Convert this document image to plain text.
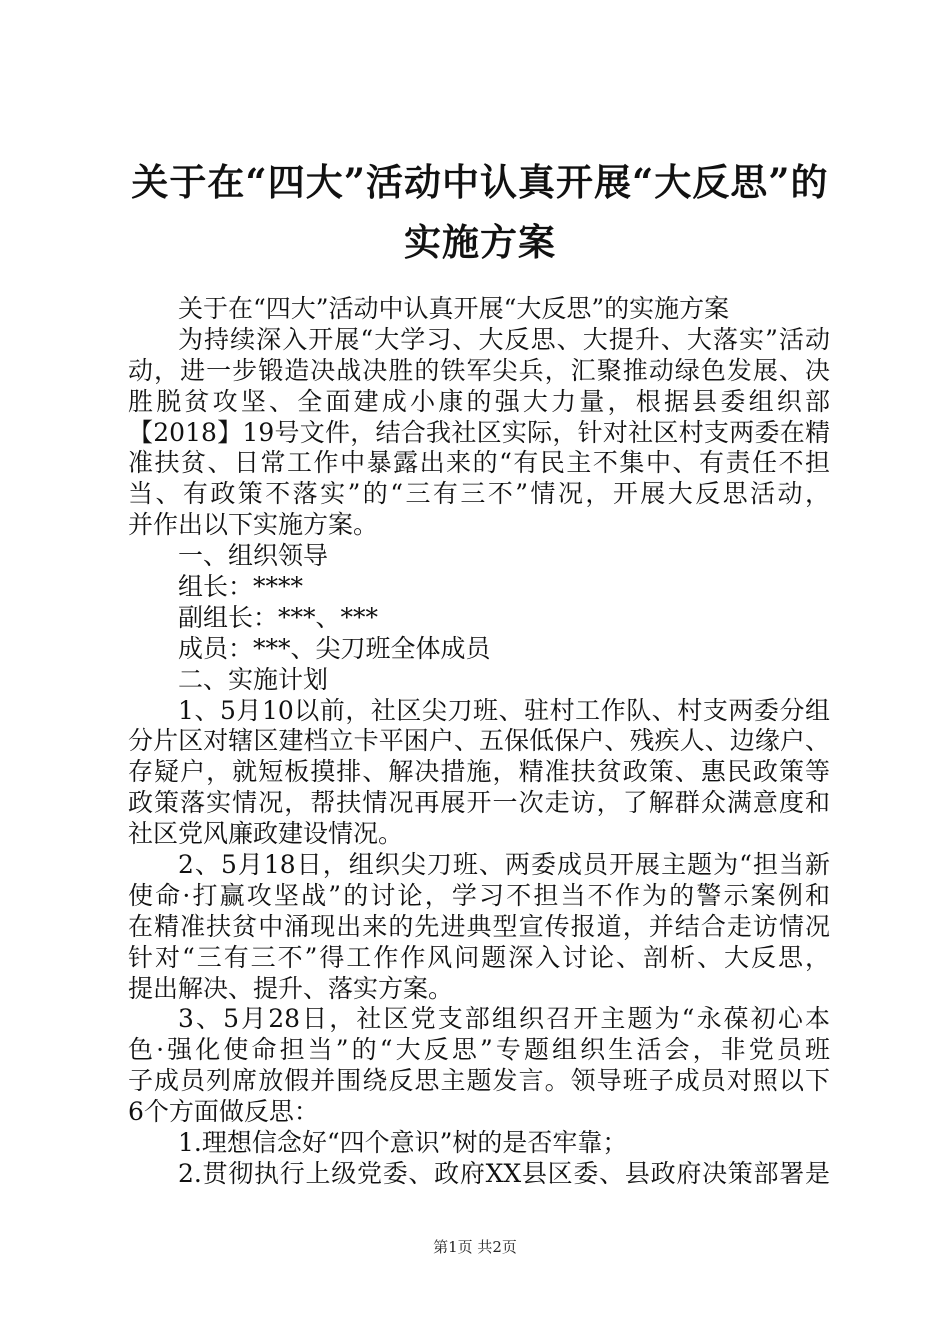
关于在“四大”活动中认真开展“大反思”的
实施方案
关于在“四大”活动中认真开展“大反思”的实施方案
为持续深入开展“大学习、大反思、大提升、大落实”活动
动，进一步锻造决战决胜的铁军尖兵，汇聚推动绿色发展、决
胜脱贫攻坚、全面建成小康的强大力量，根据县委组织部
【2018】19号文件，结合我社区实际，针对社区村支两委在精
准扶贫、日常工作中暴露出来的“有民主不集中、有责任不担
当、有政策不落实”的“三有三不”情况，开展大反思活动，
并作出以下实施方案。
一、组织领导
组长：****
副组长：***、***
成员：***、尖刀班全体成员
二、实施计划
1、5月10以前，社区尖刀班、驻村工作队、村支两委分组
分片区对辖区建档立卡平困户、五保低保户、残疾人、边缘户、
存疑户，就短板摸排、解决措施，精准扶贫政策、惠民政策等
政策落实情况，帮扶情况再展开一次走访，了解群众满意度和
社区党风廉政建设情况。
2、5月18日，组织尖刀班、两委成员开展主题为“担当新
使命·打赢攻坚战”的讨论，学习不担当不作为的警示案例和
在精准扶贫中涌现出来的先进典型宣传报道，并结合走访情况
针对“三有三不”得工作作风问题深入讨论、剖析、大反思，
提出解决、提升、落实方案。
3、5月28日，社区党支部组织召开主题为“永葆初心本
色·强化使命担当”的“大反思”专题组织生活会，非党员班
子成员列席放假并围绕反思主题发言。领导班子成员对照以下
6个方面做反思：
1.理想信念好“四个意识”树的是否牢靠；
2.贯彻执行上级党委、政府XX县区委、县政府决策部署是
第1页 共2页
